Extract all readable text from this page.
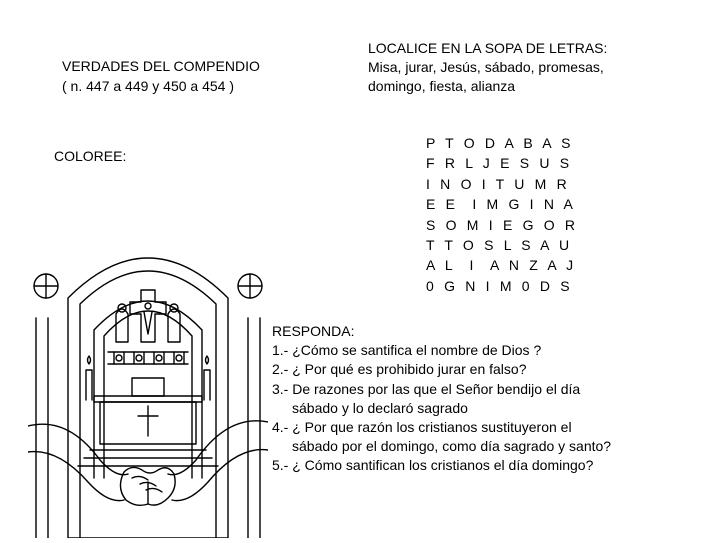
VERDADES DEL COMPENDIO
( n. 447 a 449 y 450 a 454 )
LOCALICE EN LA SOPA DE LETRAS:
Misa, jurar, Jesús, sábado, promesas,
domingo, fiesta, alianza
COLOREE:
P T O D A B A S
F R L J E S U S
I N O I T U M R
E E  I M G I N A
S O M I E G O R
T T O S L S A U
A L  I  A N Z A J
0 G N I M 0 D S
RESPONDA:
1.- ¿Cómo se santifica el nombre de Dios ?
2.- ¿ Por qué es prohibido jurar en falso?
3.- De razones por las que el Señor bendijo el día
sábado y lo declaró sagrado
4.- ¿ Por que razón los cristianos sustituyeron el
sábado por el domingo, como día sagrado y santo?
5.- ¿ Cómo santifican los cristianos el día domingo?
